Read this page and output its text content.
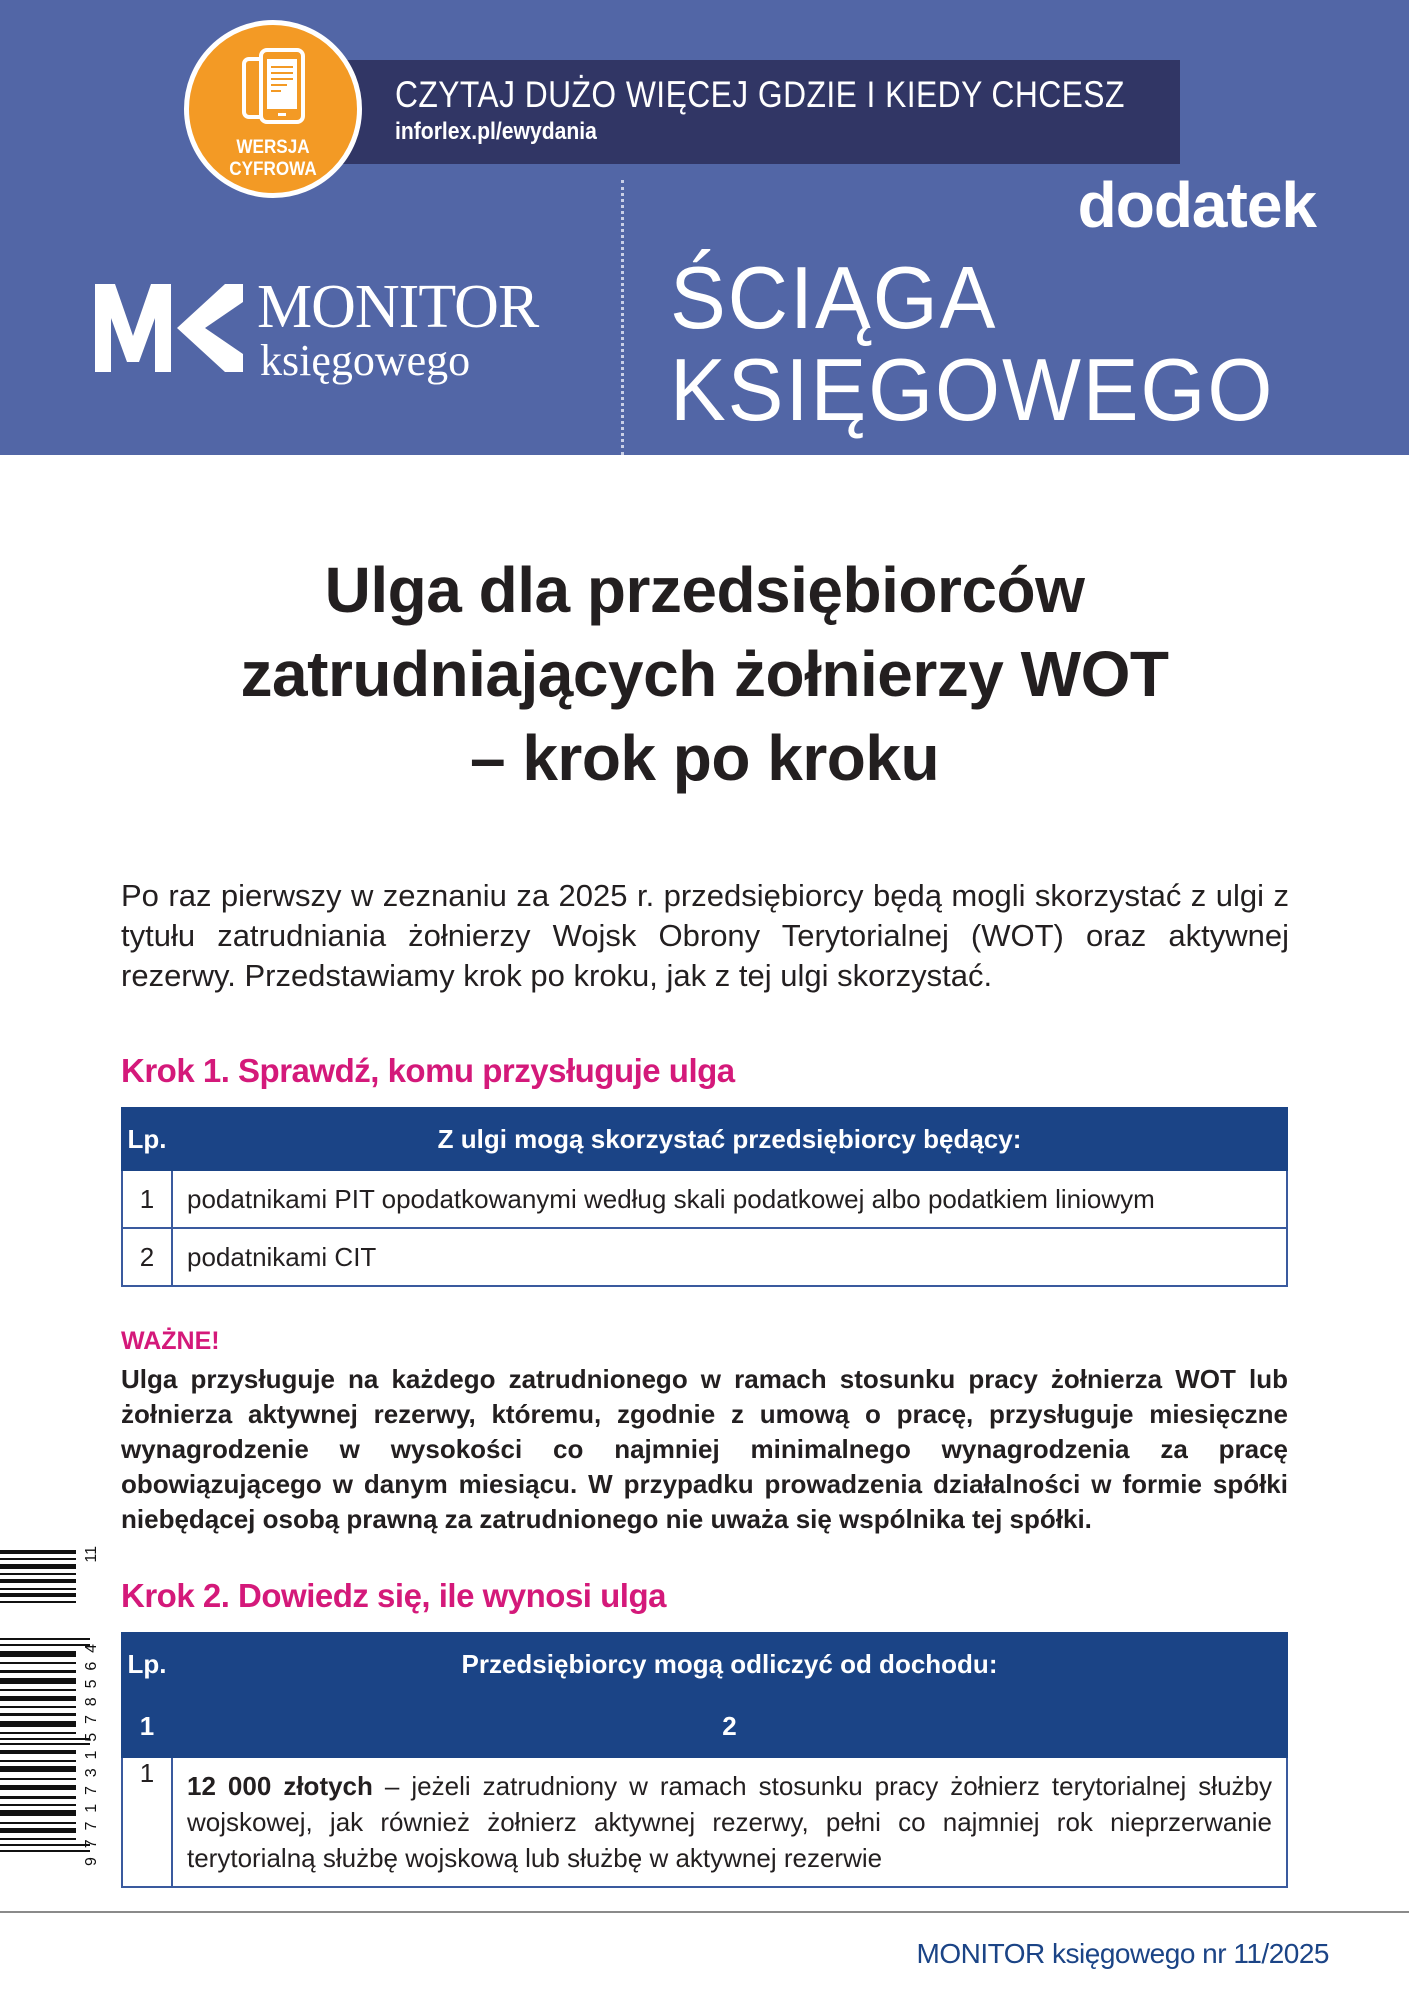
CZYTAJ DUŻO WIĘCEJ GDZIE I KIEDY CHCESZ
inforlex.pl/ewydania
WERSJA
CYFROWA
MONITOR
księgowego
dodatek
ŚCIĄGA
KSIĘGOWEGO
Ulga dla przedsiębiorców
zatrudniających żołnierzy WOT
– krok po kroku

Po raz pierwszy w zeznaniu za 2025 r. przedsiębiorcy będą mogli skorzystać z ulgi z tytułu zatrudniania żołnierzy Wojsk Obrony Terytorialnej (WOT) oraz aktywnej rezerwy. Przedstawiamy krok po kroku, jak z tej ulgi skorzystać.

Krok 1. Sprawdź, komu przysługuje ulga
Lp.	Z ulgi mogą skorzystać przedsiębiorcy będący:
1	podatnikami PIT opodatkowanymi według skali podatkowej albo podatkiem liniowym
2	podatnikami CIT
WAŻNE!

Ulga przysługuje na każdego zatrudnionego w ramach stosunku pracy żołnierza WOT lub żołnierza aktywnej rezerwy, któremu, zgodnie z umową o pracę, przysługuje miesięczne wynagrodzenie w wysokości co najmniej minimalnego wynagrodzenia za pracę obowiązującego w danym miesiącu. W przypadku prowadzenia działalności w formie spółki niebędącej osobą prawną za zatrudnionego nie uważa się wspólnika tej spółki.

Krok 2. Dowiedz się, ile wynosi ulga
Lp.	Przedsiębiorcy mogą odliczyć od dochodu:
1	2
1	12 000 złotych – jeżeli zatrudniony w ramach stosunku pracy żołnierz terytorialnej służby wojskowej, jak również żołnierz aktywnej rezerwy, pełni co najmniej rok nieprzerwanie terytorialną służbę wojskową lub służbę w aktywnej rezerwie
11
9771731578564
MONITOR księgowego nr 11/2025
